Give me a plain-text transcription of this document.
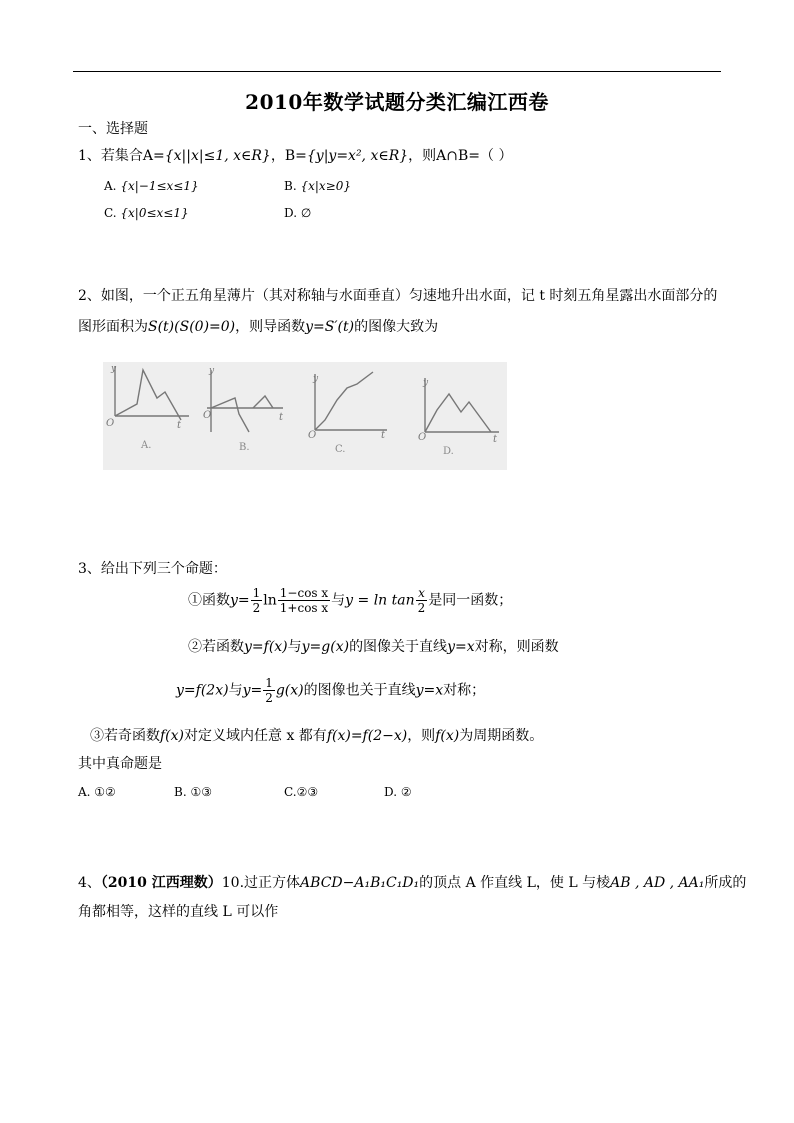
2010年数学试题分类汇编江西卷
一、选择题
1、若集合A={x||x|≤1, x∈R}，B={y|y=x², x∈R}，则A∩B=（ ）
A. {x|−1≤x≤1}	B. {x|x≥0}
C. {x|0≤x≤1}	D. ∅
2、如图，一个正五角星薄片（其对称轴与水面垂直）匀速地升出水面，记 t 时刻五角星露出水面部分的
图形面积为S(t)(S(0)=0)，则导函数y=S′(t)的图像大致为
y
O	t
A.
y
O	t
B.
y
O	t
C.
y
O	t
D.
3、给出下列三个命题：
①函数$y= \frac{1}{2}$ $\ln \frac{\text{1−cos x}}{\text{1+cos x}}$ 与$y = \ln \tan \frac{x}{2}$ 是同一函数；
②若函数y=f(x)与y=g(x)的图像关于直线y=x对称，则函数
y=f(2x)与$y= \frac{1}{2} g(x)$的图像也关于直线y=x对称；
③若奇函数f(x)对定义域内任意 x 都有f(x)=f(2−x)，则f(x)为周期函数。
其中真命题是
A. ①②	B. ①③	C.②③	D. ②
4、（2010 江西理数）10.过正方体ABCD−A₁B₁C₁D₁的顶点 A 作直线 L，使 L 与棱AB , AD , AA₁所成的
角都相等，这样的直线 L 可以作
